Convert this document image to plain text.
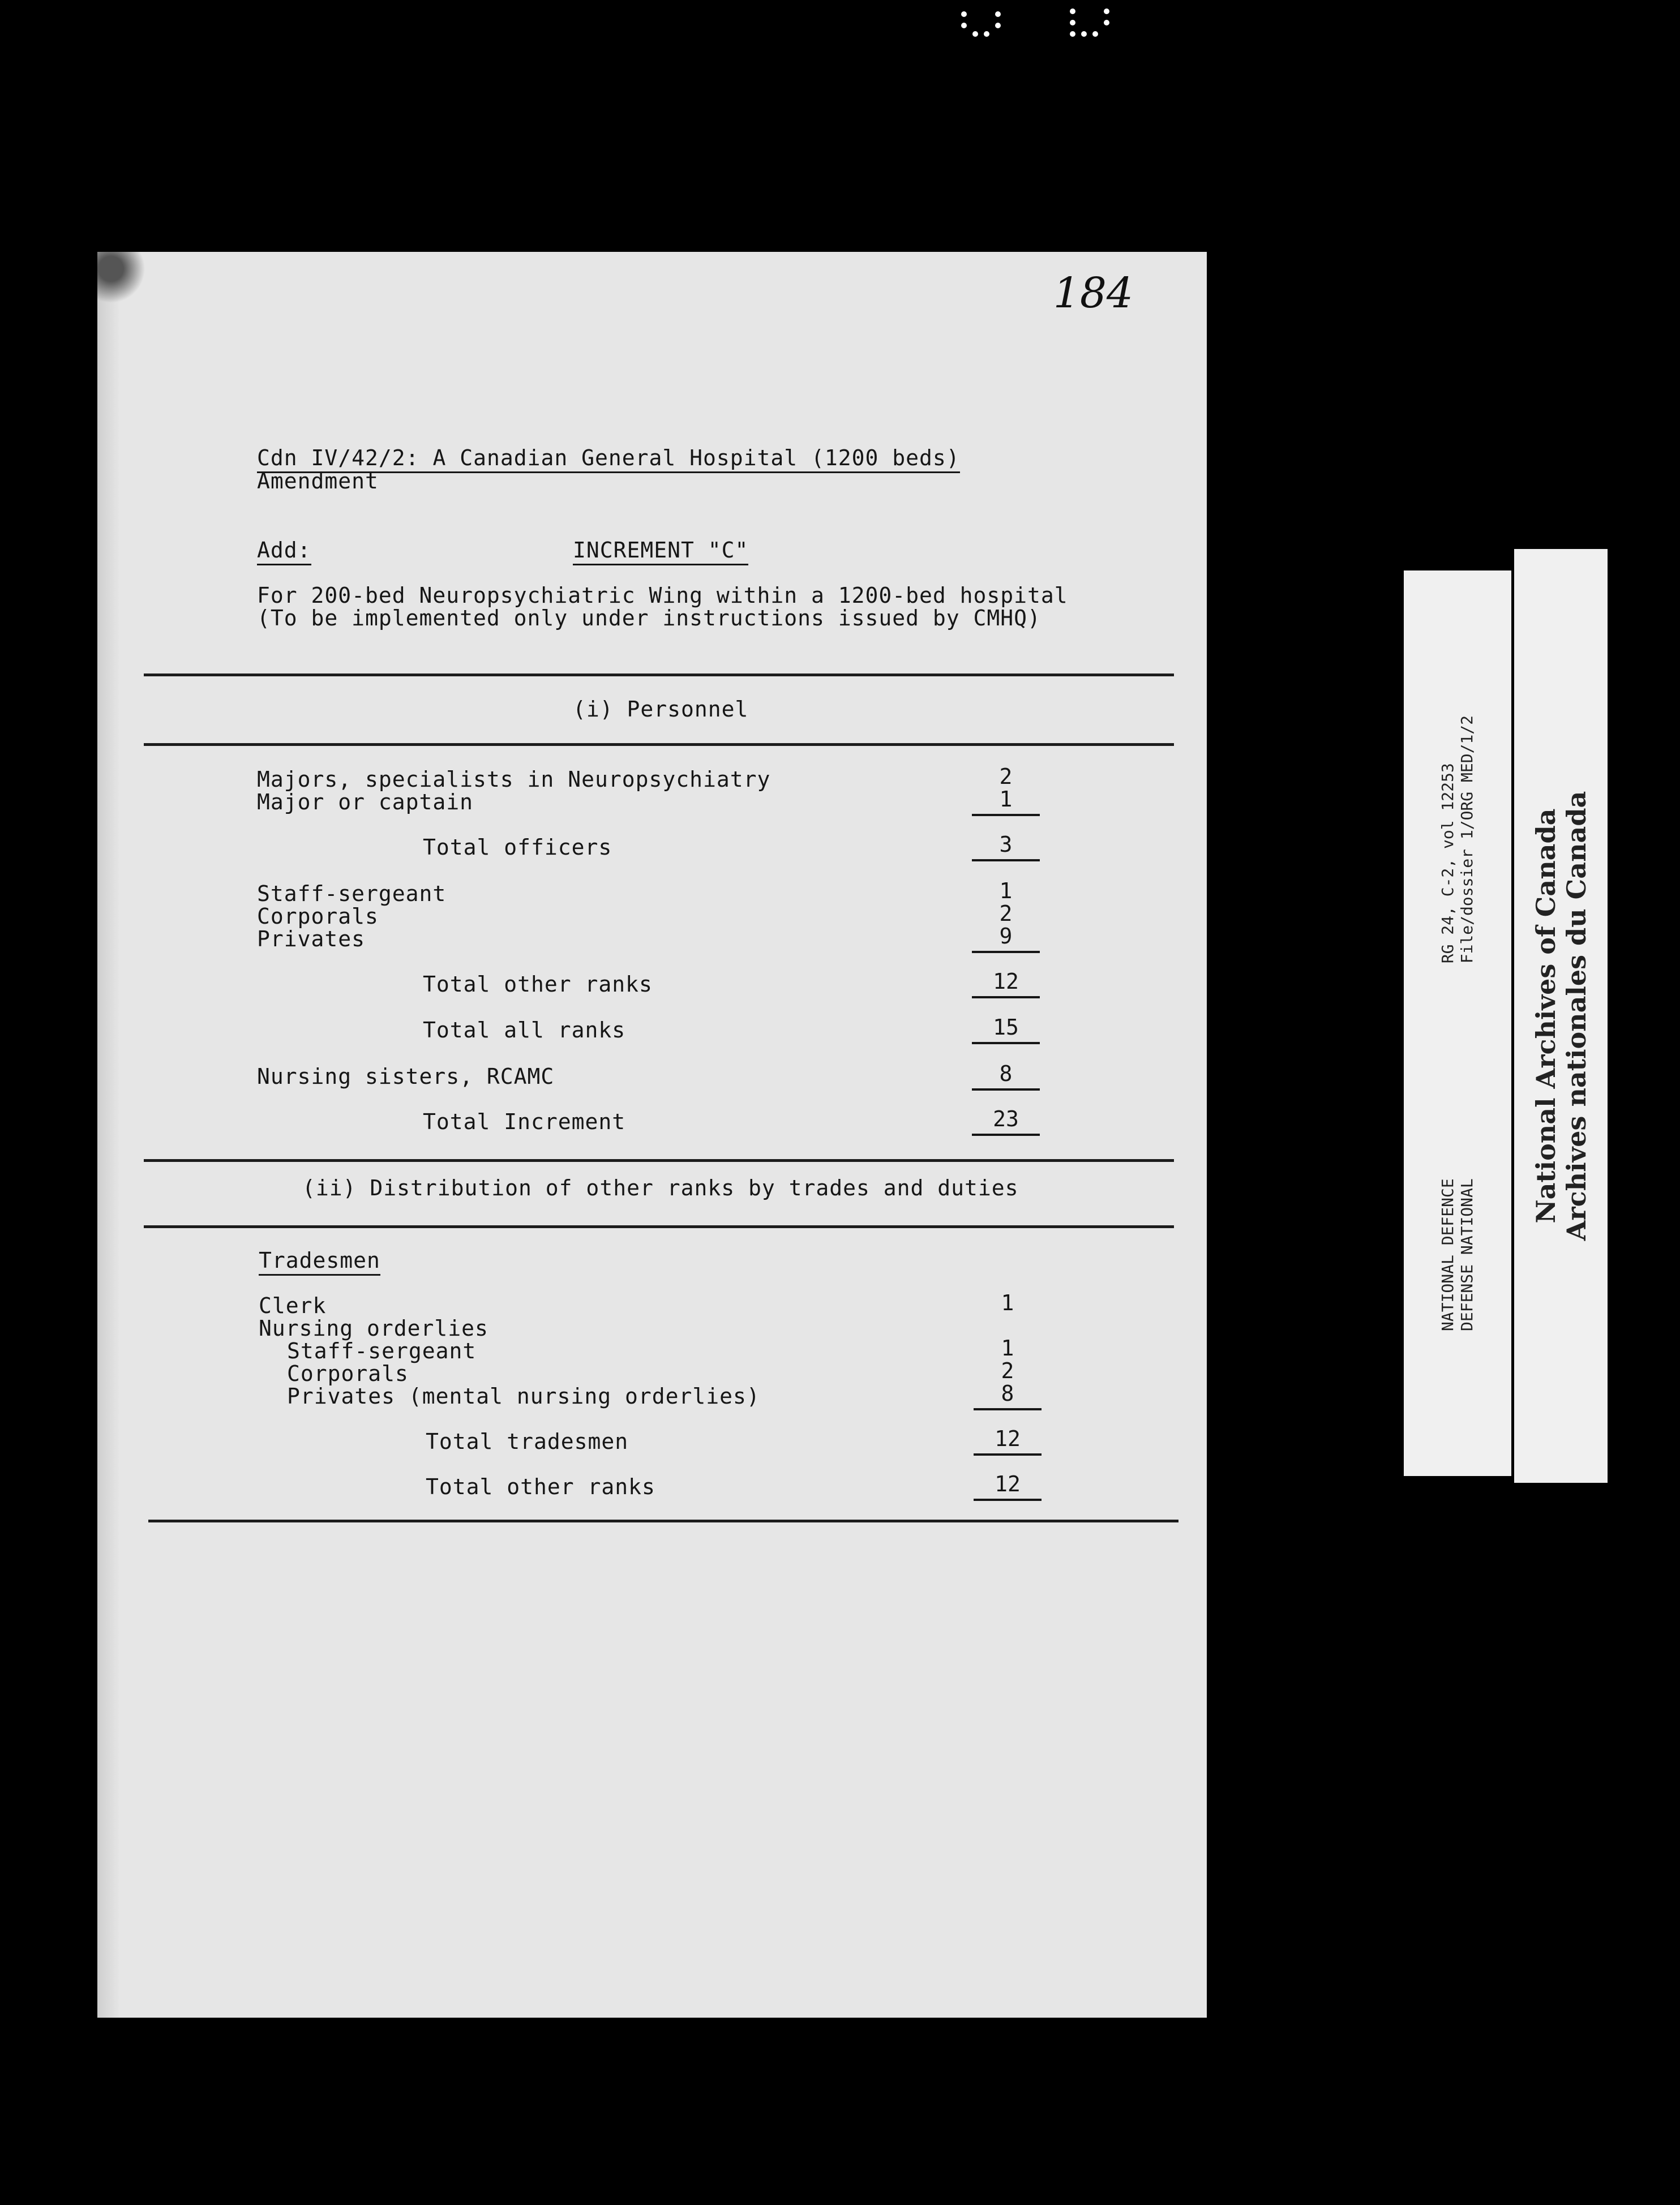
184
Cdn IV/42/2: A Canadian General Hospital (1200 beds)
Amendment
Add:	INCREMENT "C"
For 200-bed Neuropsychiatric Wing within a 1200-bed hospital
(To be implemented only under instructions issued by CMHQ)
(i) Personnel
Majors, specialists in Neuropsychiatry	2
Major or captain	1
Total officers	3
Staff-sergeant	1
Corporals	2
Privates	9
Total other ranks	12
Total all ranks	15
Nursing sisters, RCAMC	8
Total Increment	23
(ii) Distribution of other ranks by trades and duties
Tradesmen
Clerk	1
Nursing orderlies
Staff-sergeant	1
Corporals	2
Privates (mental nursing orderlies)	8
Total tradesmen	12
Total other ranks	12
NATIONAL DEFENCERG 24, C-2, vol 12253
DEFENSE NATIONALFile/dossier 1/ORG MED/1/2 National Archives of Canada Archives nationales du Canada
